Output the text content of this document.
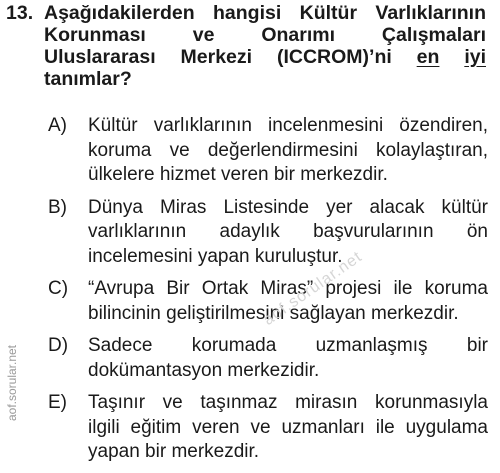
13. Aşağıdakilerden hangisi Kültür Varlıklarının
Korunması ve Onarımı Çalışmaları
Uluslararası Merkezi (ICCROM)’ni en iyi
tanımlar?
A) Kültür varlıklarının incelenmesini özendiren,
koruma ve değerlendirmesini kolaylaştıran,
ülkelere hizmet veren bir merkezdir.
B) Dünya Miras Listesinde yer alacak kültür
varlıklarının adaylık başvurularının ön
incelemesini yapan kuruluştur.
C) “Avrupa Bir Ortak Miras” projesi ile koruma
bilincinin geliştirilmesini sağlayan merkezdir.
D) Sadece korumada uzmanlaşmış bir
dokümantasyon merkezidir.
E) Taşınır ve taşınmaz mirasın korunmasıyla
ilgili eğitim veren ve uzmanları ile uygulama
yapan bir merkezdir.
aof.sorular.net
aof.sorular.net
